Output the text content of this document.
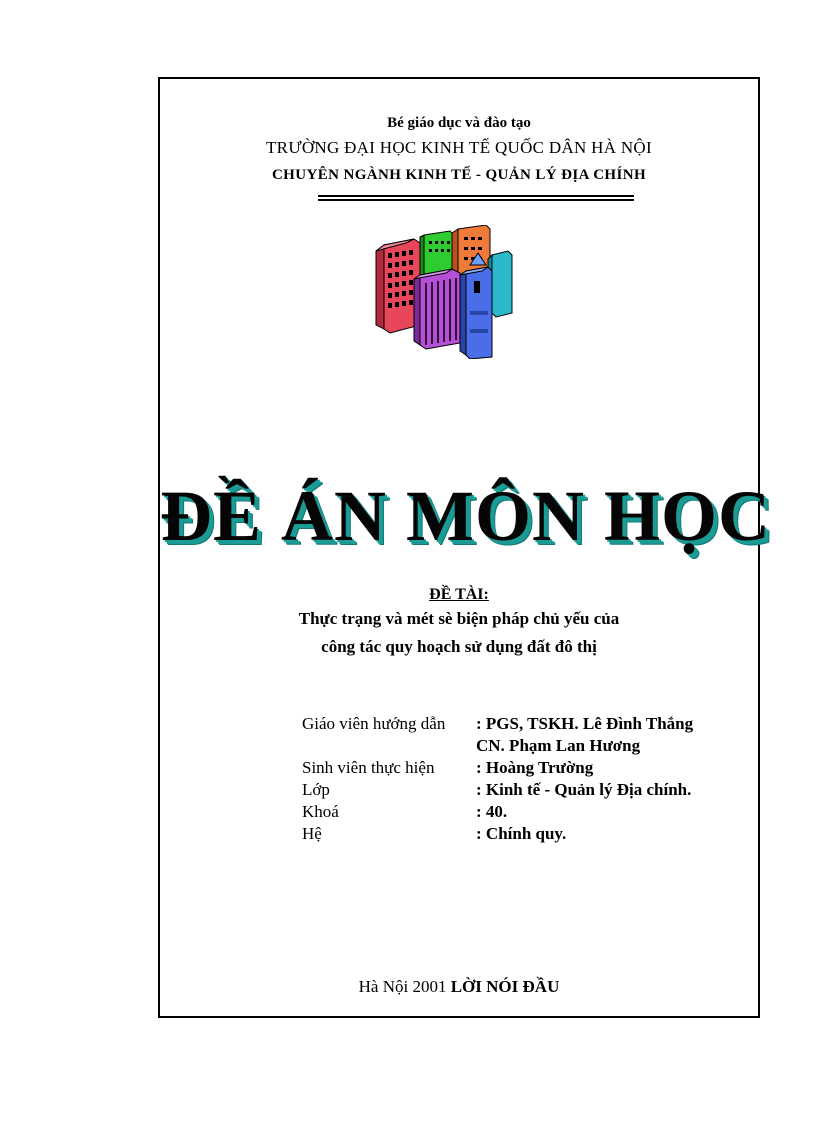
Bé giáo dục và đào tạo
TRƯỜNG ĐẠI HỌC KINH TẾ QUỐC DÂN HÀ NỘI
CHUYÊN NGÀNH KINH TẾ - QUẢN LÝ ĐỊA CHÍNH
ĐỀ ÁN MÔN HỌC
ĐỀ TÀI:
Thực trạng và mét sè biện pháp chủ yếu của
công tác quy hoạch sử dụng đất đô thị
Giáo viên hướng dẫn : PGS, TSKH. Lê Đình Thắng
CN. Phạm Lan Hương
Sinh viên thực hiện : Hoàng Trường
Lớp	: Kinh tế - Quản lý Địa chính.
Khoá	: 40.
Hệ	: Chính quy.
Hà Nội 2001 LỜI NÓI ĐẦU
